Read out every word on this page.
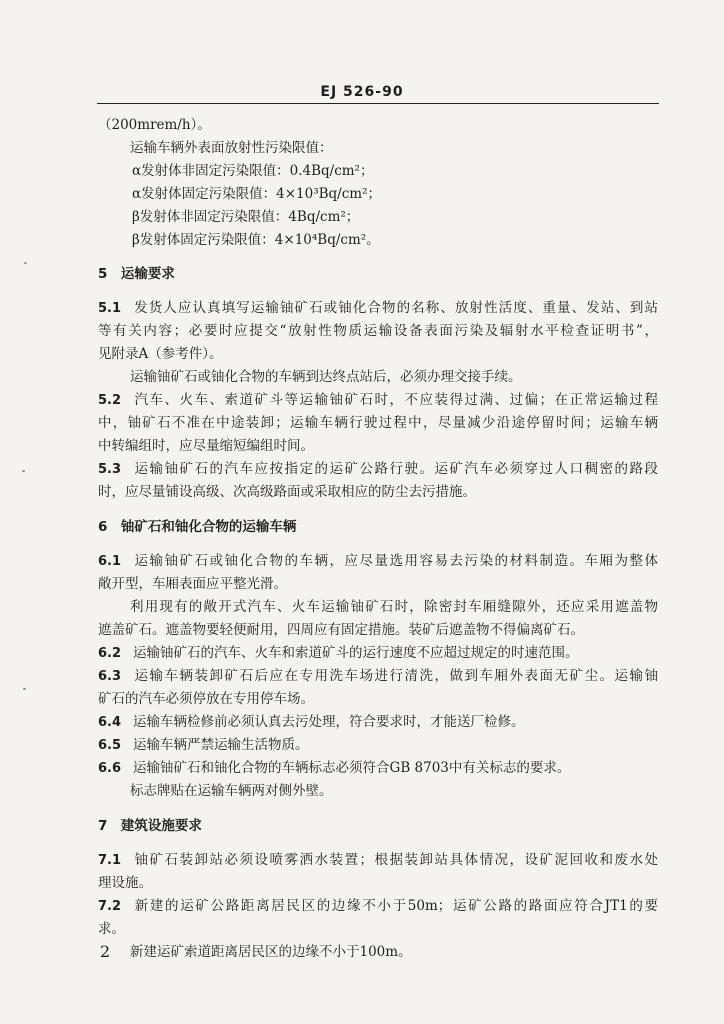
EJ 526-90
（200mrem/h）。
运输车辆外表面放射性污染限值：
α发射体非固定污染限值：0.4Bq/cm²；
α发射体固定污染限值：4×10³Bq/cm²；
β发射体非固定污染限值：4Bq/cm²；
β发射体固定污染限值：4×10⁴Bq/cm²。
5　运输要求
5.1 发货人应认真填写运输铀矿石或铀化合物的名称、放射性活度、重量、发站、到站
等有关内容；必要时应提交“放射性物质运输设备表面污染及辐射水平检查证明书”，
见附录A（参考件）。
运输铀矿石或铀化合物的车辆到达终点站后，必须办理交接手续。
5.2 汽车、火车、索道矿斗等运输铀矿石时，不应装得过满、过偏；在正常运输过程
中，铀矿石不准在中途装卸；运输车辆行驶过程中，尽量减少沿途停留时间；运输车辆
中转编组时，应尽量缩短编组时间。
5.3 运输铀矿石的汽车应按指定的运矿公路行驶。运矿汽车必须穿过人口稠密的路段
时，应尽量铺设高级、次高级路面或采取相应的防尘去污措施。
6　铀矿石和铀化合物的运输车辆
6.1 运输铀矿石或铀化合物的车辆，应尽量选用容易去污染的材料制造。车厢为整体
敞开型，车厢表面应平整光滑。
利用现有的敞开式汽车、火车运输铀矿石时，除密封车厢缝隙外，还应采用遮盖物
遮盖矿石。遮盖物要轻便耐用，四周应有固定措施。装矿后遮盖物不得偏离矿石。
6.2 运输铀矿石的汽车、火车和索道矿斗的运行速度不应超过规定的时速范围。
6.3 运输车辆装卸矿石后应在专用洗车场进行清洗，做到车厢外表面无矿尘。运输铀
矿石的汽车必须停放在专用停车场。
6.4 运输车辆检修前必须认真去污处理，符合要求时，才能送厂检修。
6.5 运输车辆严禁运输生活物质。
6.6 运输铀矿石和铀化合物的车辆标志必须符合GB 8703中有关标志的要求。
标志牌贴在运输车辆两对侧外壁。
7　建筑设施要求
7.1 铀矿石装卸站必须设喷雾洒水装置；根据装卸站具体情况，设矿泥回收和废水处
理设施。
7.2 新建的运矿公路距离居民区的边缘不小于50m；运矿公路的路面应符合JT1的要
求。
新建运矿索道距离居民区的边缘不小于100m。
2
